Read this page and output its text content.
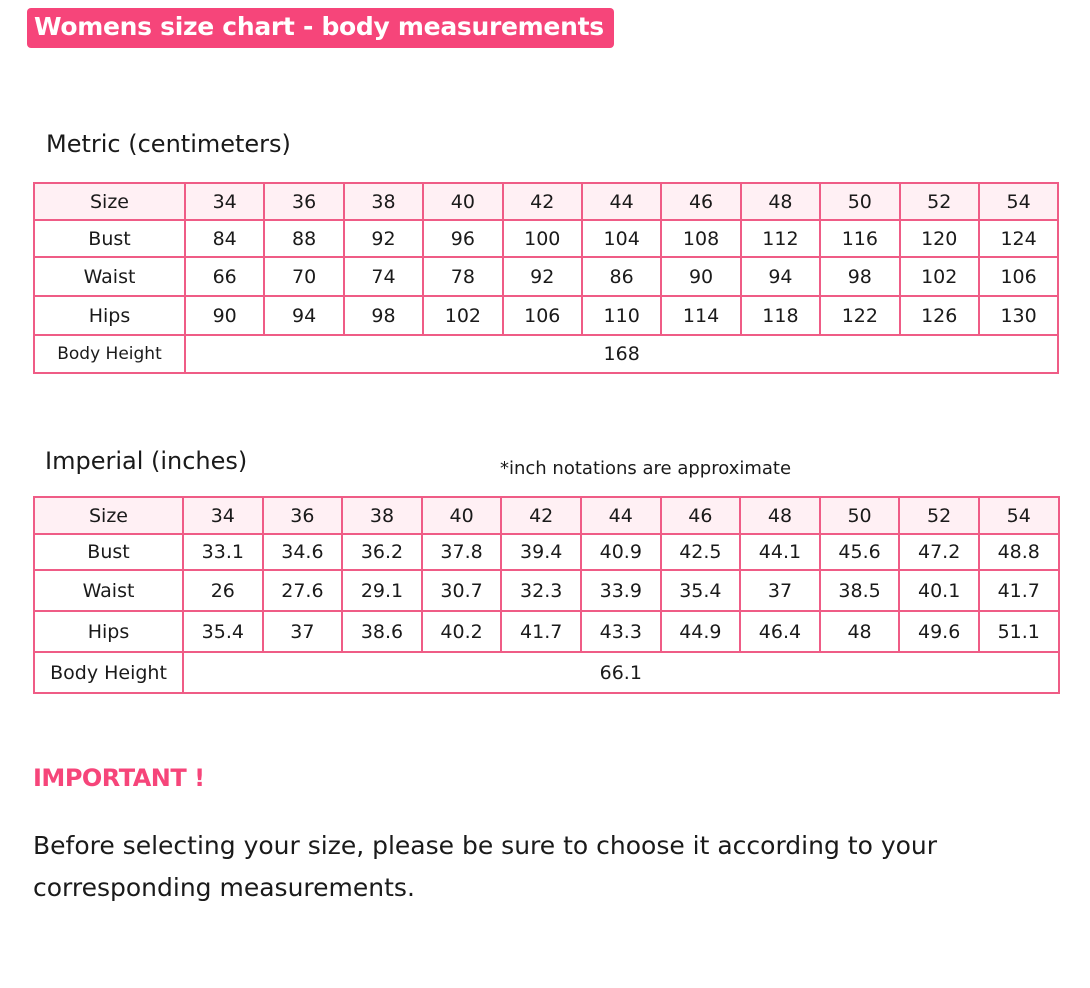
Womens size chart - body measurements
Metric (centimeters)
Size	34	36	38	40	42	44	46	48	50	52	54
Bust	84	88	92	96	100	104	108	112	116	120	124
Waist	66	70	74	78	92	86	90	94	98	102	106
Hips	90	94	98	102	106	110	114	118	122	126	130
Body Height	168										
Imperial (inches)	*inch notations are approximate
Size	34	36	38	40	42	44	46	48	50	52	54
Bust	33.1	34.6	36.2	37.8	39.4	40.9	42.5	44.1	45.6	47.2	48.8
Waist	26	27.6	29.1	30.7	32.3	33.9	35.4	37	38.5	40.1	41.7
Hips	35.4	37	38.6	40.2	41.7	43.3	44.9	46.4	48	49.6	51.1
Body Height	66.1										
IMPORTANT !
Before selecting your size, please be sure to choose it according to your corresponding measurements.
